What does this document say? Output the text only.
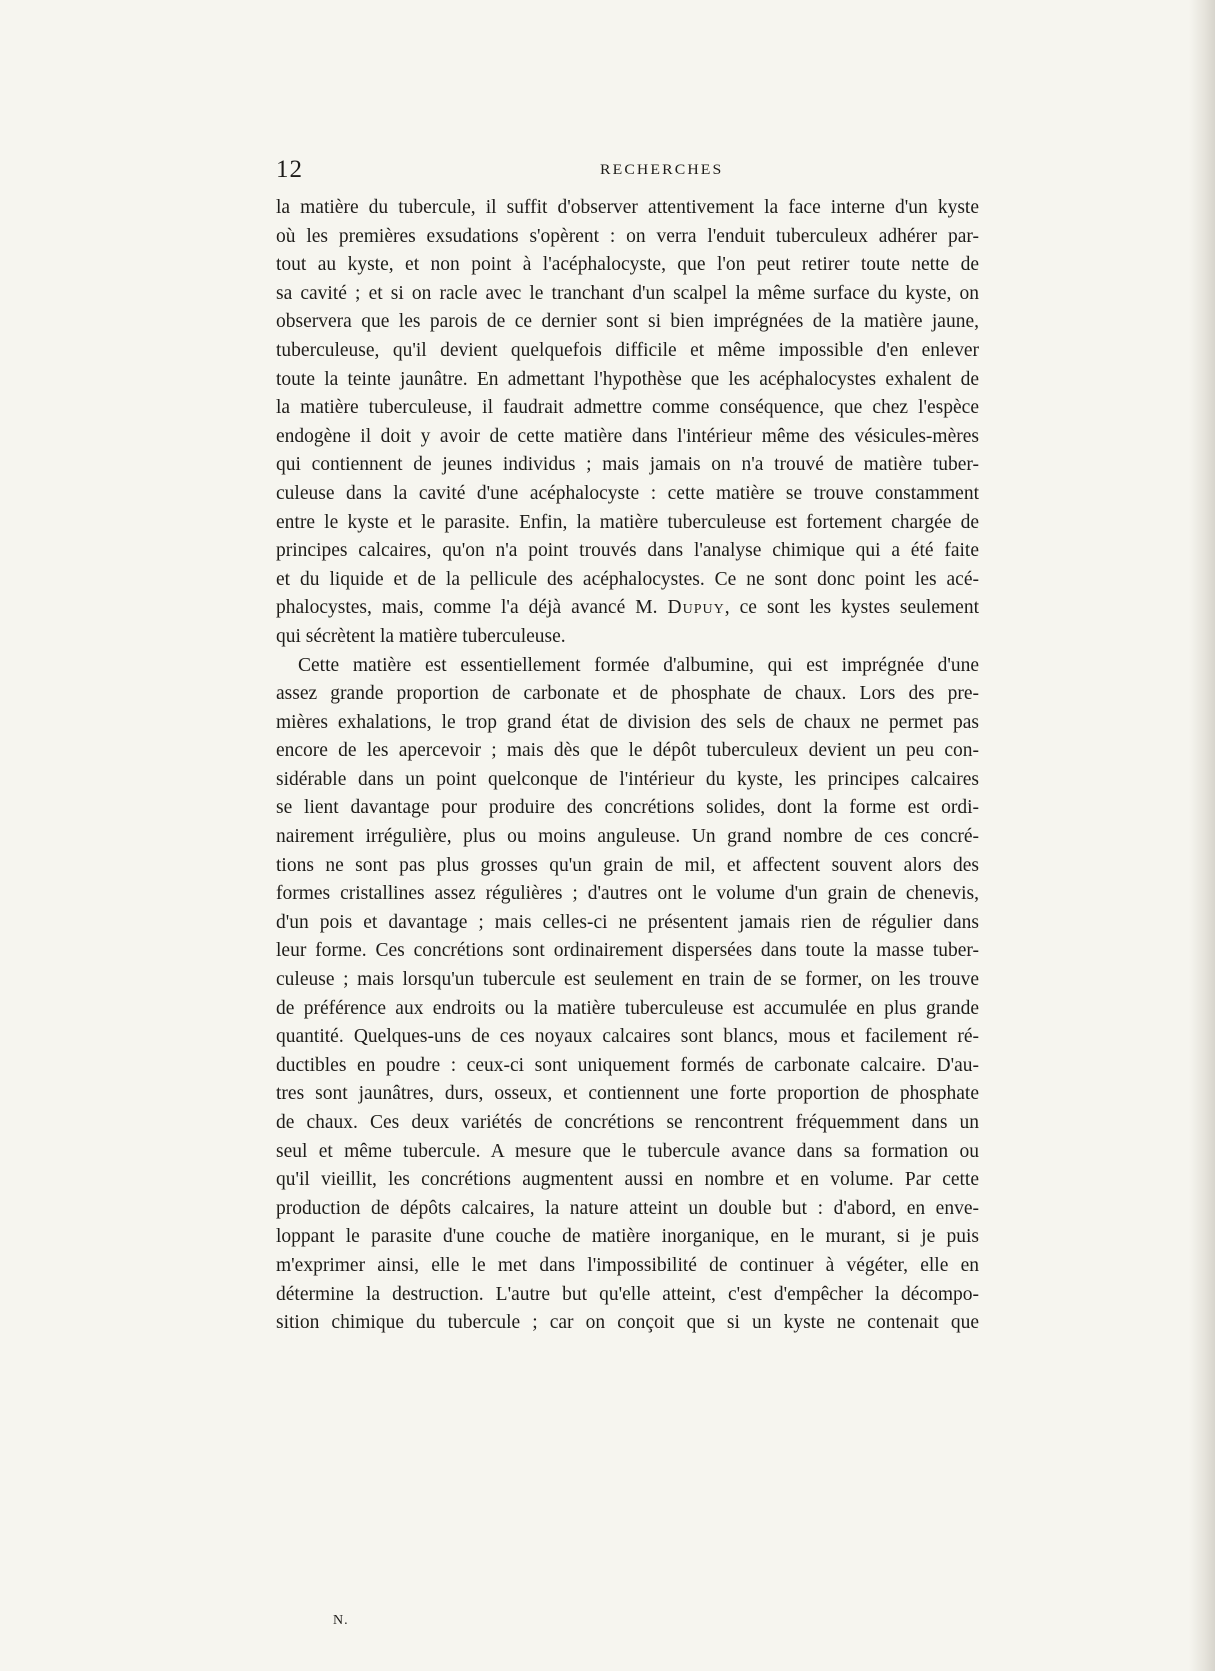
12	RECHERCHES
la matière du tubercule, il suffit d'observer attentivement la face interne d'un kyste
où les premières exsudations s'opèrent : on verra l'enduit tuberculeux adhérer par-
tout au kyste, et non point à l'acéphalocyste, que l'on peut retirer toute nette de
sa cavité ; et si on racle avec le tranchant d'un scalpel la même surface du kyste, on
observera que les parois de ce dernier sont si bien imprégnées de la matière jaune,
tuberculeuse, qu'il devient quelquefois difficile et même impossible d'en enlever
toute la teinte jaunâtre. En admettant l'hypothèse que les acéphalocystes exhalent de
la matière tuberculeuse, il faudrait admettre comme conséquence, que chez l'espèce
endogène il doit y avoir de cette matière dans l'intérieur même des vésicules-mères
qui contiennent de jeunes individus ; mais jamais on n'a trouvé de matière tuber-
culeuse dans la cavité d'une acéphalocyste : cette matière se trouve constamment
entre le kyste et le parasite. Enfin, la matière tuberculeuse est fortement chargée de
principes calcaires, qu'on n'a point trouvés dans l'analyse chimique qui a été faite
et du liquide et de la pellicule des acéphalocystes. Ce ne sont donc point les acé-
phalocystes, mais, comme l'a déjà avancé M. Dupuy, ce sont les kystes seulement
qui sécrètent la matière tuberculeuse.
Cette matière est essentiellement formée d'albumine, qui est imprégnée d'une
assez grande proportion de carbonate et de phosphate de chaux. Lors des pre-
mières exhalations, le trop grand état de division des sels de chaux ne permet pas
encore de les apercevoir ; mais dès que le dépôt tuberculeux devient un peu con-
sidérable dans un point quelconque de l'intérieur du kyste, les principes calcaires
se lient davantage pour produire des concrétions solides, dont la forme est ordi-
nairement irrégulière, plus ou moins anguleuse. Un grand nombre de ces concré-
tions ne sont pas plus grosses qu'un grain de mil, et affectent souvent alors des
formes cristallines assez régulières ; d'autres ont le volume d'un grain de chenevis,
d'un pois et davantage ; mais celles-ci ne présentent jamais rien de régulier dans
leur forme. Ces concrétions sont ordinairement dispersées dans toute la masse tuber-
culeuse ; mais lorsqu'un tubercule est seulement en train de se former, on les trouve
de préférence aux endroits ou la matière tuberculeuse est accumulée en plus grande
quantité. Quelques-uns de ces noyaux calcaires sont blancs, mous et facilement ré-
ductibles en poudre : ceux-ci sont uniquement formés de carbonate calcaire. D'au-
tres sont jaunâtres, durs, osseux, et contiennent une forte proportion de phosphate
de chaux. Ces deux variétés de concrétions se rencontrent fréquemment dans un
seul et même tubercule. A mesure que le tubercule avance dans sa formation ou
qu'il vieillit, les concrétions augmentent aussi en nombre et en volume. Par cette
production de dépôts calcaires, la nature atteint un double but : d'abord, en enve-
loppant le parasite d'une couche de matière inorganique, en le murant, si je puis
m'exprimer ainsi, elle le met dans l'impossibilité de continuer à végéter, elle en
détermine la destruction. L'autre but qu'elle atteint, c'est d'empêcher la décompo-
sition chimique du tubercule ; car on conçoit que si un kyste ne contenait que
N.
